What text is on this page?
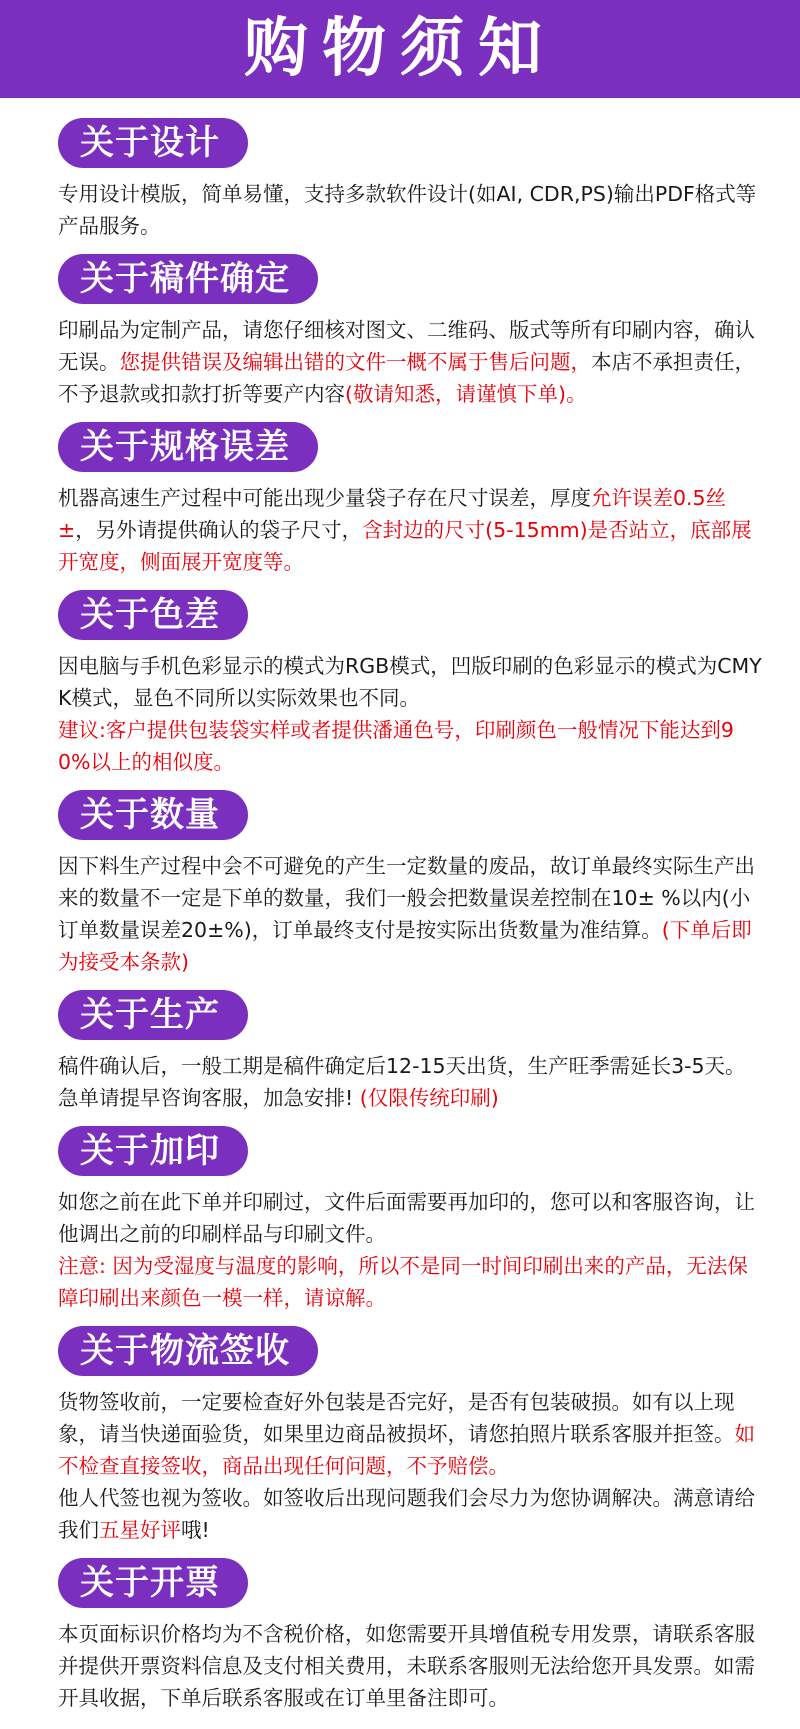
购物须知
关于设计

专用设计模版，简单易懂，支持多款软件设计(如AI, CDR,PS)输出PDF格式等产品服务。

关于稿件确定

印刷品为定制产品，请您仔细核对图文、二维码、版式等所有印刷内容，确认无误。您提供错误及编辑出错的文件一概不属于售后问题，本店不承担责任，不予退款或扣款打折等要产内容(敬请知悉，请谨慎下单)。

关于规格误差

机器高速生产过程中可能出现少量袋子存在尺寸误差，厚度允许误差0.5丝±，另外请提供确认的袋子尺寸，含封边的尺寸(5-15mm)是否站立，底部展开宽度，侧面展开宽度等。

关于色差

因电脑与手机色彩显示的模式为RGB模式，凹版印刷的色彩显示的模式为CMYK模式，显色不同所以实际效果也不同。

建议:客户提供包装袋实样或者提供潘通色号，印刷颜色一般情况下能达到90%以上的相似度。

关于数量

因下料生产过程中会不可避免的产生一定数量的废品，故订单最终实际生产出来的数量不一定是下单的数量，我们一般会把数量误差控制在10± %以内(小订单数量误差20±%)，订单最终支付是按实际出货数量为准结算。(下单后即为接受本条款)

关于生产

稿件确认后，一般工期是稿件确定后12-15天出货，生产旺季需延长3-5天。急单请提早咨询客服，加急安排! (仅限传统印刷)

关于加印

如您之前在此下单并印刷过，文件后面需要再加印的，您可以和客服咨询，让他调出之前的印刷样品与印刷文件。

注意: 因为受湿度与温度的影响，所以不是同一时间印刷出来的产品，无法保障印刷出来颜色一模一样，请谅解。

关于物流签收

货物签收前，一定要检查好外包装是否完好，是否有包装破损。如有以上现象，请当快递面验货，如果里边商品被损坏，请您拍照片联系客服并拒签。如不检查直接签收，商品出现任何问题，不予赔偿。

他人代签也视为签收。如签收后出现问题我们会尽力为您协调解决。满意请给我们五星好评哦!

关于开票

本页面标识价格均为不含税价格，如您需要开具增值税专用发票，请联系客服并提供开票资料信息及支付相关费用，未联系客服则无法给您开具发票。如需开具收据，下单后联系客服或在订单里备注即可。
